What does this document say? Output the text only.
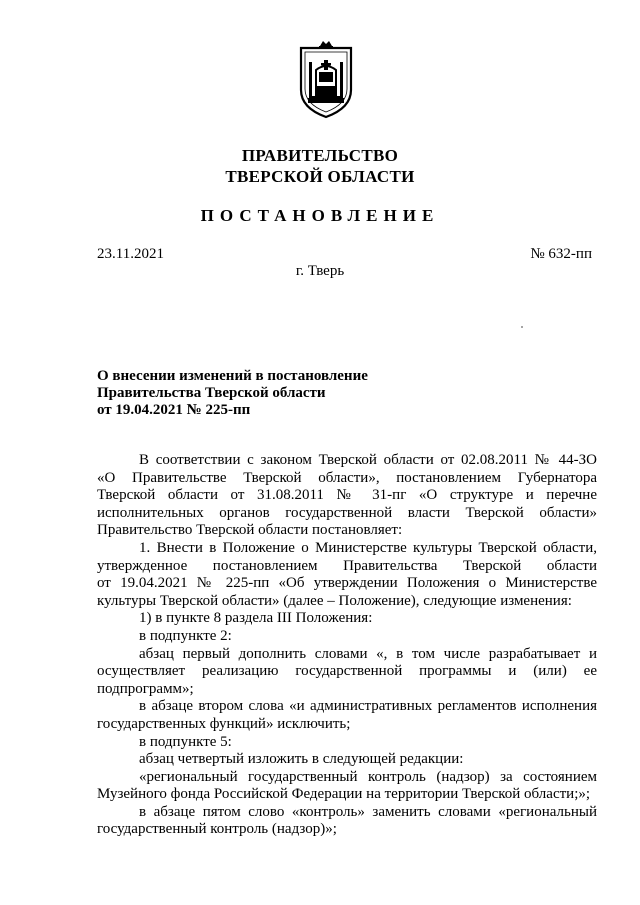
ПРАВИТЕЛЬСТВО
ТВЕРСКОЙ ОБЛАСТИ
ПОСТАНОВЛЕНИЕ
23.11.2021	№ 632-пп
г. Тверь
О внесении изменений в постановление
Правительства Тверской области
от 19.04.2021 № 225-пп
В соответствии с законом Тверской области от 02.08.2011 № 44-ЗО
«О Правительстве Тверской области», постановлением Губернатора
Тверской области от 31.08.2011 № 31-пг «О структуре и перечне
исполнительных органов государственной власти Тверской области»
Правительство Тверской области постановляет:
1. Внести в Положение о Министерстве культуры Тверской области,
утвержденное постановлением Правительства Тверской области
от 19.04.2021 № 225-пп «Об утверждении Положения о Министерстве
культуры Тверской области» (далее – Положение), следующие изменения:
1) в пункте 8 раздела III Положения:
в подпункте 2:
абзац первый дополнить словами «, в том числе разрабатывает и
осуществляет реализацию государственной программы и (или) ее
подпрограмм»;
в абзаце втором слова «и административных регламентов исполнения
государственных функций» исключить;
в подпункте 5:
абзац четвертый изложить в следующей редакции:
«региональный государственный контроль (надзор) за состоянием
Музейного фонда Российской Федерации на территории Тверской области;»;
в абзаце пятом слово «контроль» заменить словами «региональный
государственный контроль (надзор)»;
